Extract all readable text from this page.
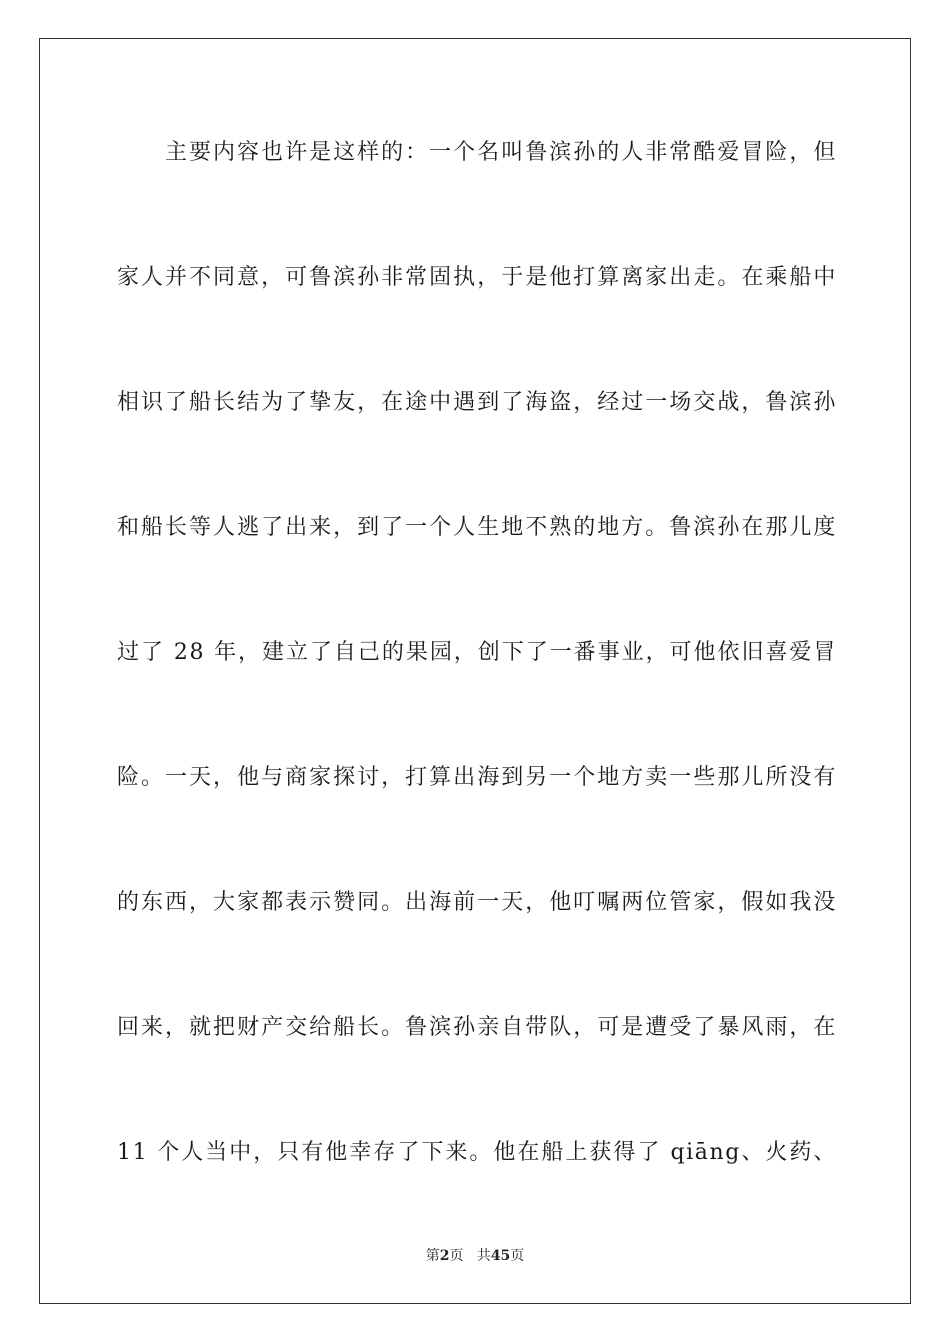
主要内容也许是这样的：一个名叫鲁滨孙的人非常酷爱冒险，但
家人并不同意，可鲁滨孙非常固执，于是他打算离家出走。在乘船中
相识了船长结为了挚友，在途中遇到了海盗，经过一场交战，鲁滨孙
和船长等人逃了出来，到了一个人生地不熟的地方。鲁滨孙在那儿度
过了 28 年，建立了自己的果园，创下了一番事业，可他依旧喜爱冒
险。一天，他与商家探讨，打算出海到另一个地方卖一些那儿所没有
的东西，大家都表示赞同。出海前一天，他叮嘱两位管家，假如我没
回来，就把财产交给船长。鲁滨孙亲自带队，可是遭受了暴风雨，在
11 个人当中，只有他幸存了下来。他在船上获得了 qiāng、火药、
第2页 共45页
